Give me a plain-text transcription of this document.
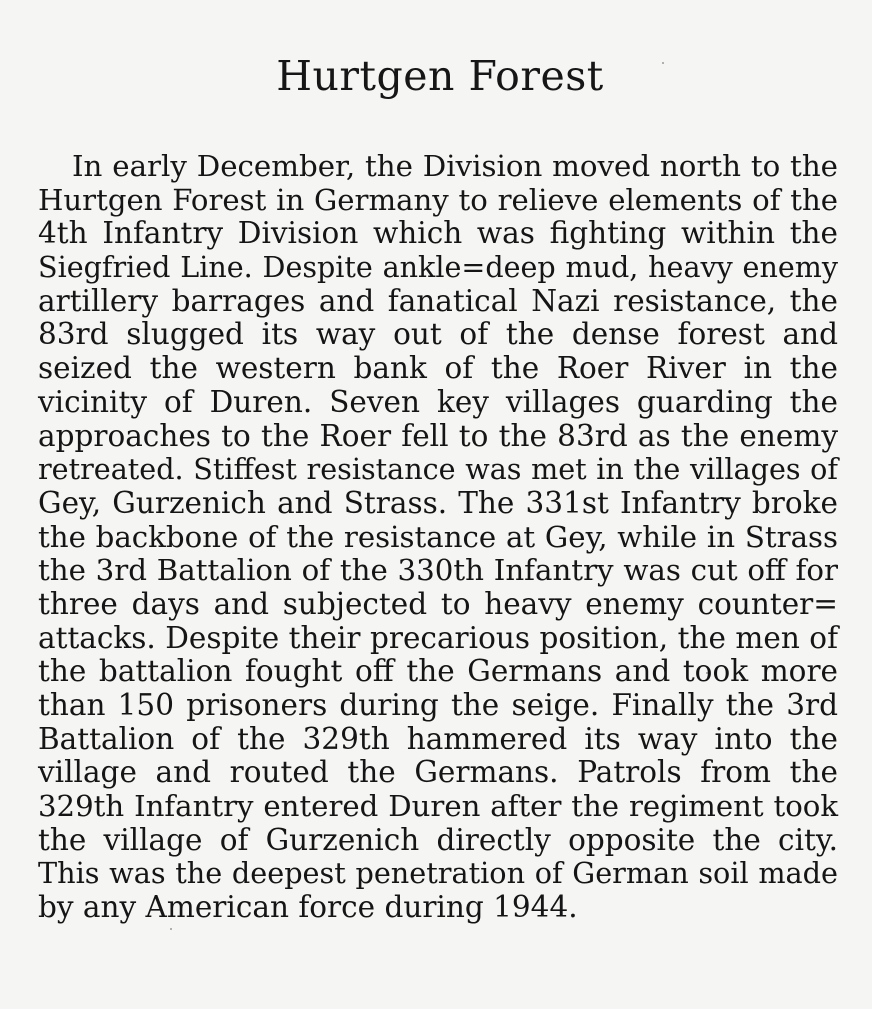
Hurtgen Forest
In early December, the Division moved north to the
Hurtgen Forest in Germany to relieve elements of the
4th Infantry Division which was fighting within the
Siegfried Line. Despite ankle=deep mud, heavy enemy
artillery barrages and fanatical Nazi resistance, the
83rd slugged its way out of the dense forest and
seized the western bank of the Roer River in the
vicinity of Duren. Seven key villages guarding the
approaches to the Roer fell to the 83rd as the enemy
retreated. Stiffest resistance was met in the villages of
Gey, Gurzenich and Strass. The 331st Infantry broke
the backbone of the resistance at Gey, while in Strass
the 3rd Battalion of the 330th Infantry was cut off for
three days and subjected to heavy enemy counter=
attacks. Despite their precarious position, the men of
the battalion fought off the Germans and took more
than 150 prisoners during the seige. Finally the 3rd
Battalion of the 329th hammered its way into the
village and routed the Germans. Patrols from the
329th Infantry entered Duren after the regiment took
the village of Gurzenich directly opposite the city.
This was the deepest penetration of German soil made
by any American force during 1944.
